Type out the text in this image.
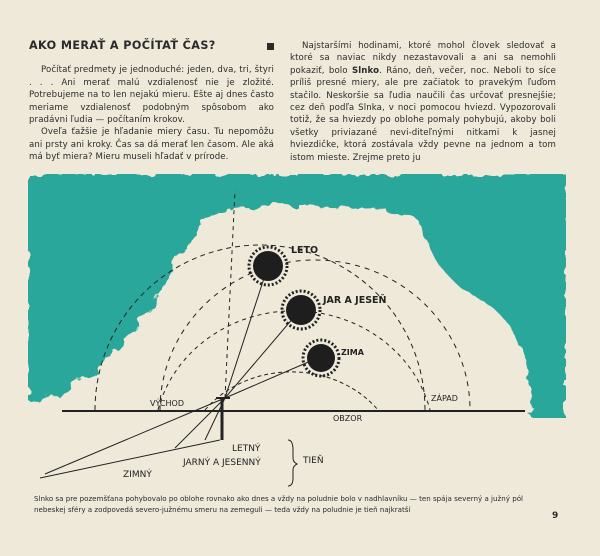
AKO MERAŤ A POČÍTAŤ ČAS?

Počítať predmety je jednoduché: jeden, dva, tri, štyri . . . Ani merať malú vzdialenosť nie je zložité. Potrebujeme na to len nejakú mieru. Ešte aj dnes často meriame vzdialenosť podobným spôsobom ako pradávni ľudia — počítaním krokov.

Oveľa ťažšie je hľadanie miery času. Tu nepomôžu ani prsty ani kroky. Čas sa dá merať len časom. Ale aká má byť miera? Mieru museli hľadať v prírode.

Najstaršími hodinami, ktoré mohol človek sledovať a ktoré sa naviac nikdy nezastavovali a ani sa nemohli pokaziť, bolo Slnko. Ráno, deň, večer, noc. Neboli to síce príliš presné miery, ale pre začiatok to pravekým ľuďom stačilo. Neskoršie sa ľudia naučili čas určovať presnejšie; cez deň podľa Slnka, v noci pomocou hviezd. Vypozorovali totiž, že sa hviezdy po oblohe pomaly pohybujú, akoby boli všetky priviazané nevi-diteľnými nitkami k jasnej hviezdičke, ktorá zostávala vždy pevne na jednom a tom istom mieste. Zrejme preto ju

LETO
JAR A JESEŇ
ZIMA
VÝCHOD
ZÁPAD
OBZOR
LETNÝ
JARNÝ A JESENNÝ
ZIMNÝ
TIEŇ
Slnko sa pre pozemšťana pohybovalo po oblohe rovnako ako dnes a vždy na poludnie bolo v nadhlavníku — ten spája severný a južný pól nebeskej sféry a zodpovedá severo-južnému smeru na zemeguli — teda vždy na poludnie je tieň najkratší
9
